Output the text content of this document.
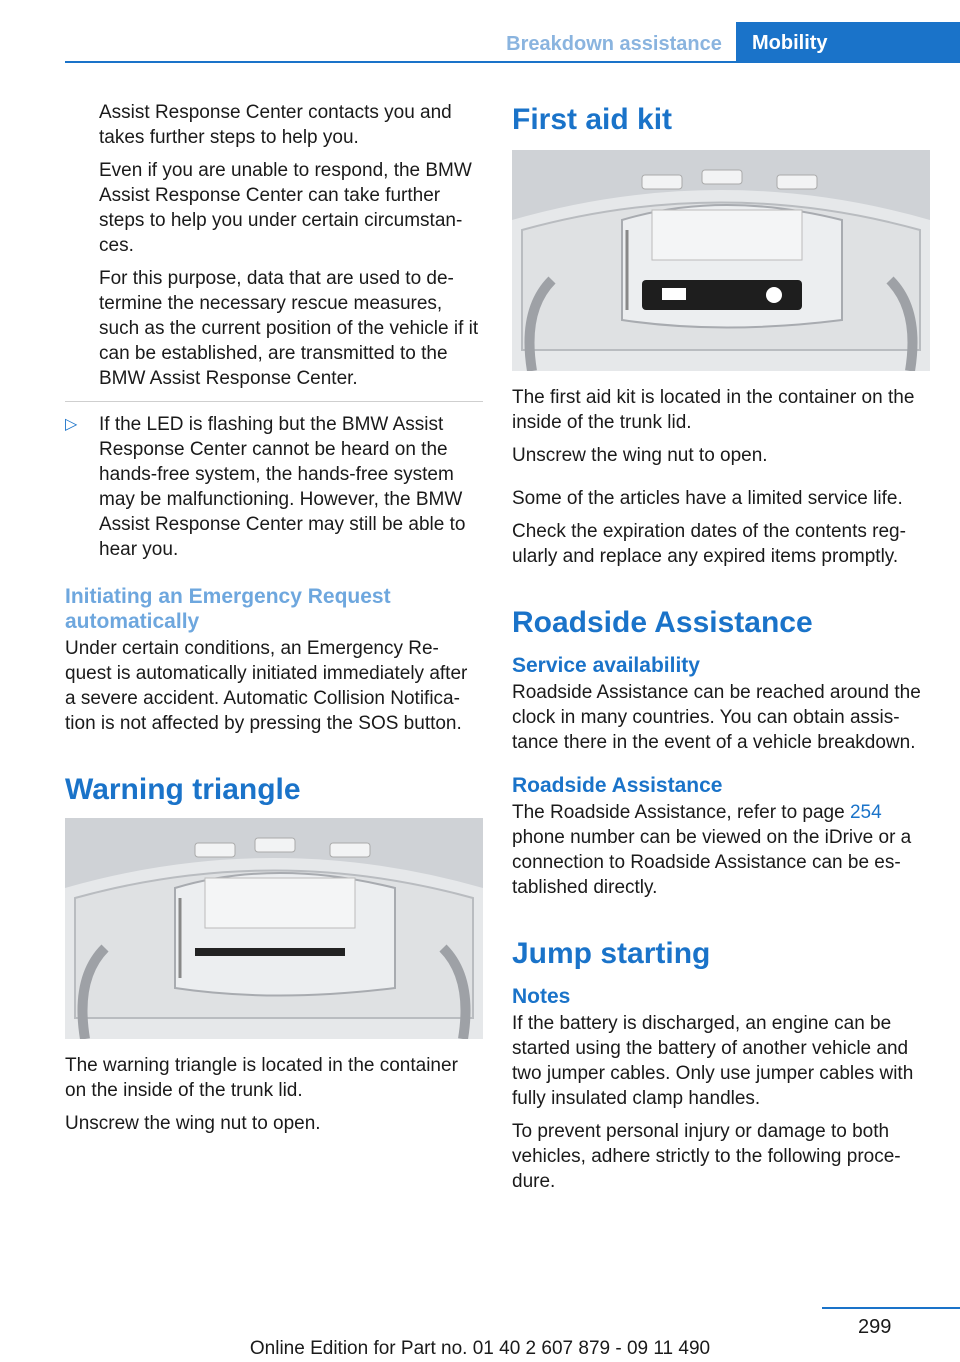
Breakdown assistance	Mobility

Assist Response Center contacts you and takes further steps to help you.

Even if you are unable to respond, the BMW Assist Response Center can take further steps to help you under certain circumstan‐ces.

For this purpose, data that are used to de‐termine the necessary rescue measures, such as the current position of the vehicle if it can be established, are transmitted to the BMW Assist Response Center.

▷ If the LED is flashing but the BMW Assist Response Center cannot be heard on the hands-free system, the hands-free system may be malfunctioning. However, the BMW Assist Response Center may still be able to hear you.
Initiating an Emergency Request automatically

Under certain conditions, an Emergency Re‐quest is automatically initiated immediately after a severe accident. Automatic Collision Notifica‐tion is not affected by pressing the SOS button.

Warning triangle

The warning triangle is located in the container on the inside of the trunk lid.

Unscrew the wing nut to open.

First aid kit

The first aid kit is located in the container on the inside of the trunk lid.

Unscrew the wing nut to open.

Some of the articles have a limited service life.

Check the expiration dates of the contents reg‐ularly and replace any expired items promptly.

Roadside Assistance
Service availability

Roadside Assistance can be reached around the clock in many countries. You can obtain assis‐tance there in the event of a vehicle breakdown.

Roadside Assistance

The Roadside Assistance, refer to page 254 phone number can be viewed on the iDrive or a connection to Roadside Assistance can be es‐tablished directly.

Jump starting
Notes

If the battery is discharged, an engine can be started using the battery of another vehicle and two jumper cables. Only use jumper cables with fully insulated clamp handles.

To prevent personal injury or damage to both vehicles, adhere strictly to the following proce‐dure.

299
Online Edition for Part no. 01 40 2 607 879 - 09 11 490
